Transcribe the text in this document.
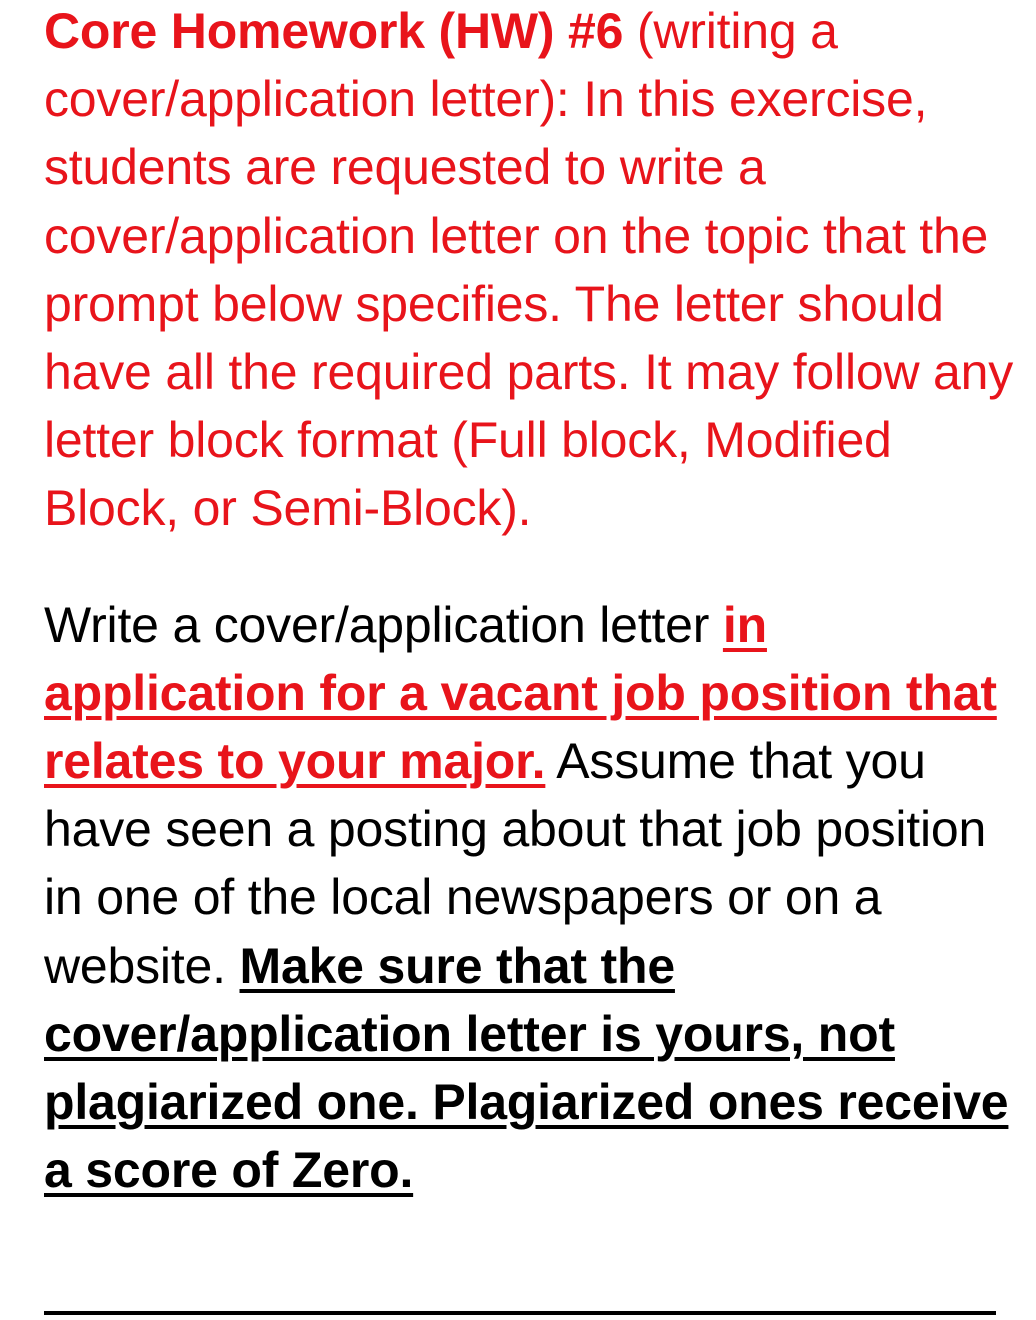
Core Homework (HW) #6 (writing a cover/application letter): In this exercise, students are requested to write a cover/application letter on the topic that the prompt below specifies. The letter should have all the required parts. It may follow any letter block format (Full block, Modified Block, or Semi-Block).

Write a cover/application letter in application for a vacant job position that relates to your major. Assume that you have seen a posting about that job position in one of the local newspapers or on a website. Make sure that the cover/application letter is yours, not plagiarized one. Plagiarized ones receive a score of Zero.
